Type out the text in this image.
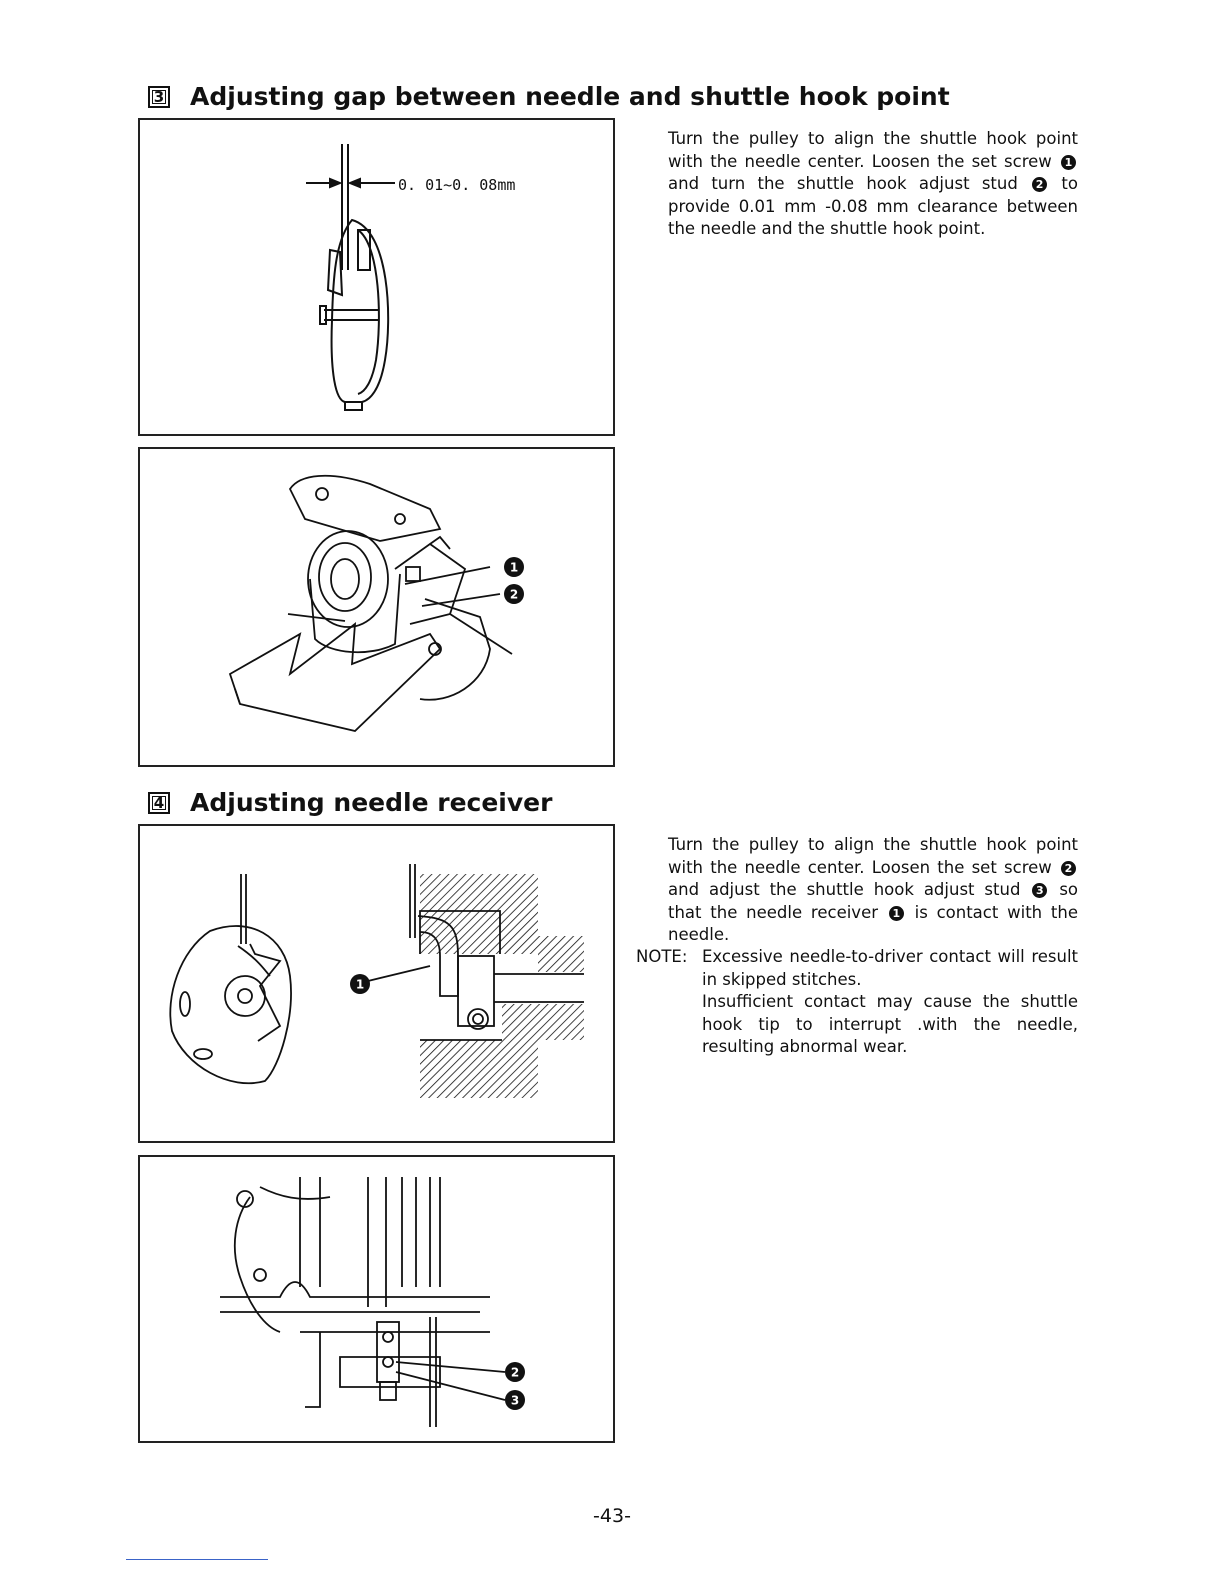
3 Adjusting gap between needle and shuttle hook point
0. 01~0. 08mm
1
2
Turn the pulley to align the shuttle hook point with the needle center. Loosen the set screw 1 and turn the shuttle hook adjust stud 2 to provide 0.01 mm -0.08 mm clearance between the needle and the shuttle hook point.
4 Adjusting needle receiver
1
2
3
Turn the pulley to align the shuttle hook point with the needle center. Loosen the set screw 2 and adjust the shuttle hook adjust stud 3 so that the needle receiver 1 is contact with the needle.
NOTE: Excessive needle-to-driver contact will result in skipped stitches.
Insufficient contact may cause the shuttle hook tip to interrupt .with the needle, resulting abnormal wear.
-43-
